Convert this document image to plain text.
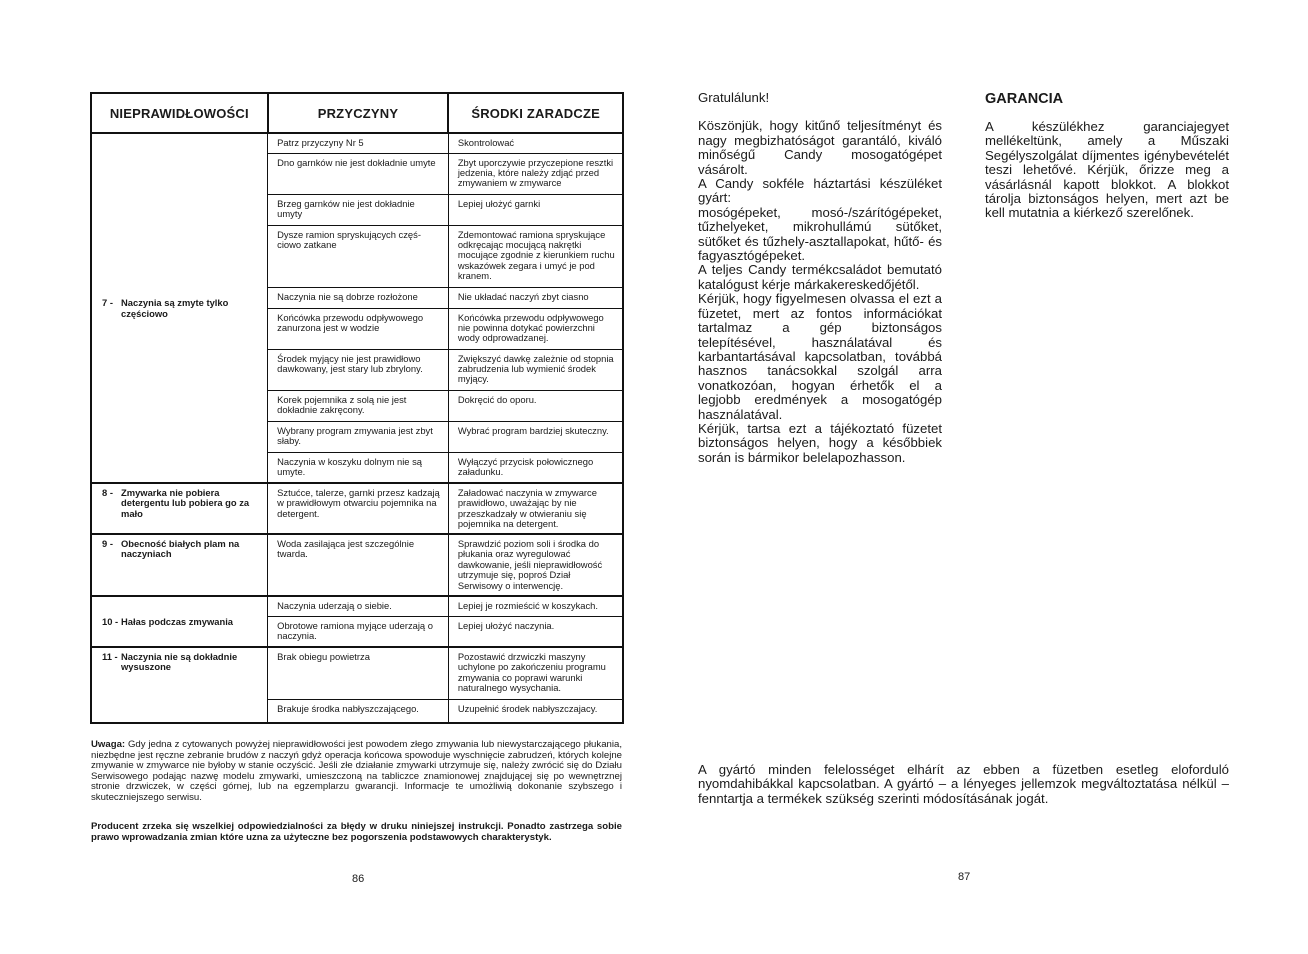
NIEPRAWIDŁOWOŚCI	PRZYCZYNY	ŚRODKI ZARADCZE
7 - Naczynia są zmyte tylko częściowo	Patrz przyczyny Nr 5	Skontrolować
	Dno garnków nie jest dokładnie umyte	Zbyt uporczywie przyczepione resztki jedzenia, które należy zdjąć przed zmywaniem w zmywarce
	Brzeg garnków nie jest dokładnie umyty	Lepiej ułożyć garnki
	Dysze ramion spryskujących częś- ciowo zatkane	Zdemontować ramiona spryskujące odkręcając mocującą nakrętki mocujące zgodnie z kierunkiem ruchu wskazówek zegara i umyć je pod kranem.
	Naczynia nie są dobrze rozłożone	Nie układać naczyń zbyt ciasno
	Końcówka przewodu odpływowego zanurzona jest w wodzie	Końcówka przewodu odpływowego nie powinna dotykać powierzchni wody odprowadzanej.
	Środek myjący nie jest prawidłowo dawkowany, jest stary lub zbrylony.	Zwiększyć dawkę zależnie od stopnia zabrudzenia lub wymienić środek myjący.
	Korek pojemnika z solą nie jest dokładnie zakręcony.	Dokręcić do oporu.
	Wybrany program zmywania jest zbyt słaby.	Wybrać program bardziej skuteczny.
	Naczynia w koszyku dolnym nie są umyte.	Wyłączyć przycisk połowicznego załadunku.
8 - Zmywarka nie pobiera detergentu lub pobiera go za mało	Sztućce, talerze, garnki przesz kadzają w prawidłowym otwarciu pojemnika na detergent.	Załadować naczynia w zmywarce prawidłowo, uważając by nie przeszkadzały w otwieraniu się pojemnika na detergent.
9 - Obecność białych plam na naczyniach	Woda zasilająca jest szczególnie twarda.	Sprawdzić poziom soli i środka do płukania oraz wyregulować dawkowanie, jeśli nieprawidłowość utrzymuje się, poproś Dział Serwisowy o interwencję.
10 - Hałas podczas zmywania	Naczynia uderzają o siebie.	Lepiej je rozmieścić w koszykach.
	Obrotowe ramiona myjące uderzają o naczynia.	Lepiej ułożyć naczynia.
11 - Naczynia nie są dokładnie wysuszone	Brak obiegu powietrza	Pozostawić drzwiczki maszyny uchylone po zakończeniu programu zmywania co poprawi warunki naturalnego wysychania.
	Brakuje środka nabłyszczającego.	Uzupełnić środek nabłyszczajacy.
Uwaga: Gdy jedna z cytowanych powyżej nieprawidłowości jest powodem złego zmywania lub niewystarczającego płukania, niezbędne jest ręczne zebranie brudów z naczyń gdyż operacja końcowa spowoduje wyschnięcie zabrudzeń, których kolejne zmywanie w zmywarce nie byłoby w stanie oczyścić. Jeśli złe działanie zmywarki utrzymuje się, należy zwrócić się do Działu Serwisowego podając nazwę modelu zmywarki, umieszczoną na tabliczce znamionowej znajdującej się po wewnętrznej stronie drzwiczek, w części górnej, lub na egzemplarzu gwarancji. Informacje te umożliwią dokonanie szybszego i skuteczniejszego serwisu.
Producent zrzeka się wszelkiej odpowiedzialności za błędy w druku niniejszej instrukcji. Ponadto zastrzega sobie prawo wprowadzania zmian które uzna za użyteczne bez pogorszenia podstawowych charakterystyk.
86

Gratulálunk!

Köszönjük, hogy kitűnő teljesítményt és nagy megbizhatóságot garantáló, kiváló minőségű Candy mosogatógépet vásárolt.

A Candy sokféle háztartási készüléket gyárt:

mosógépeket, mosó-/szárítógépeket, tűzhelyeket, mikrohullámú sütőket, sütőket és tűzhely-asztallapokat, hűtő- és fagyasztógépeket.

A teljes Candy termékcsaládot bemutató katalógust kérje márkakereskedőjétől.

Kérjük, hogy figyelmesen olvassa el ezt a füzetet, mert az fontos információkat tartalmaz a gép biztonságos telepítésével, használatával és karbantartásával kapcsolatban, továbbá hasznos tanácsokkal szolgál arra vonatkozóan, hogyan érhetők el a legjobb eredmények a mosogatógép használatával.

Kérjük, tartsa ezt a tájékoztató füzetet biztonságos helyen, hogy a későbbiek során is bármikor belelapozhasson.

GARANCIA
A készülékhez garanciajegyet mellékeltünk, amely a Műszaki Segélyszolgálat díjmentes igénybevételét teszi lehetővé. Kérjük, őrizze meg a vásárlásnál kapott blokkot. A blokkot tárolja biztonságos helyen, mert azt be kell mutatnia a kiérkező szerelőnek.
A gyártó minden felelosséget elhárít az ebben a füzetben esetleg eloforduló nyomdahibákkal kapcsolatban. A gyártó – a lényeges jellemzok megváltoztatása nélkül – fenntartja a termékek szükség szerinti módosításának jogát.
87
